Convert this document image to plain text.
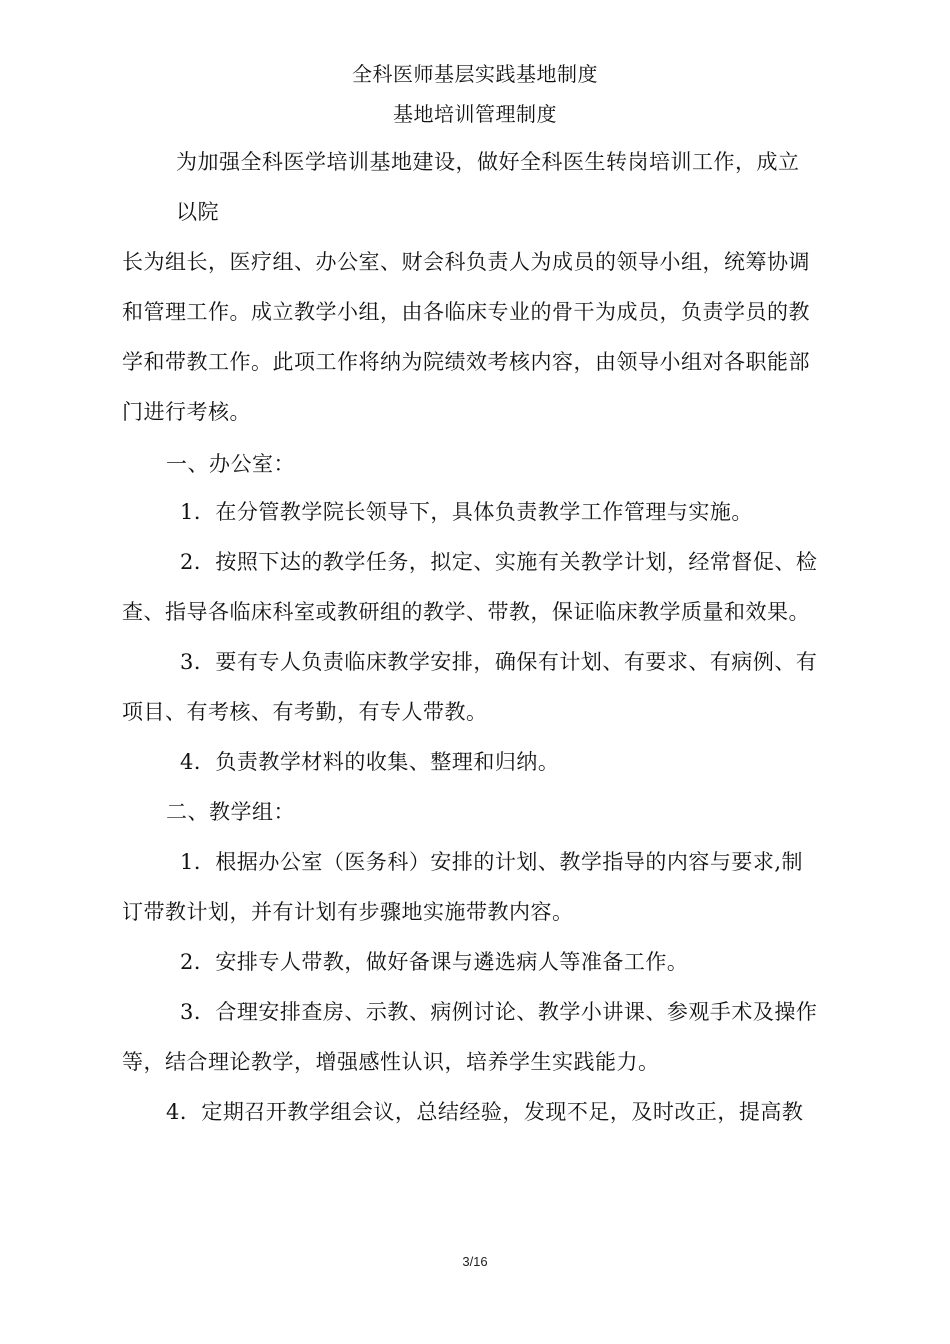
全科医师基层实践基地制度
基地培训管理制度
为加强全科医学培训基地建设，做好全科医生转岗培训工作，成立
以院
长为组长，医疗组、办公室、财会科负责人为成员的领导小组，统筹协调
和管理工作。成立教学小组，由各临床专业的骨干为成员，负责学员的教
学和带教工作。此项工作将纳为院绩效考核内容，由领导小组对各职能部
门进行考核。
一、办公室：
1．在分管教学院长领导下，具体负责教学工作管理与实施。
2．按照下达的教学任务，拟定、实施有关教学计划，经常督促、检
查、指导各临床科室或教研组的教学、带教，保证临床教学质量和效果。
3．要有专人负责临床教学安排，确保有计划、有要求、有病例、有
项目、有考核、有考勤，有专人带教。
4．负责教学材料的收集、整理和归纳。
二、教学组：
1．根据办公室（医务科）安排的计划、教学指导的内容与要求,制
订带教计划，并有计划有步骤地实施带教内容。
2．安排专人带教，做好备课与遴选病人等准备工作。
3．合理安排查房、示教、病例讨论、教学小讲课、参观手术及操作
等，结合理论教学，增强感性认识，培养学生实践能力。
4．定期召开教学组会议，总结经验，发现不足，及时改正，提高教
3/16
